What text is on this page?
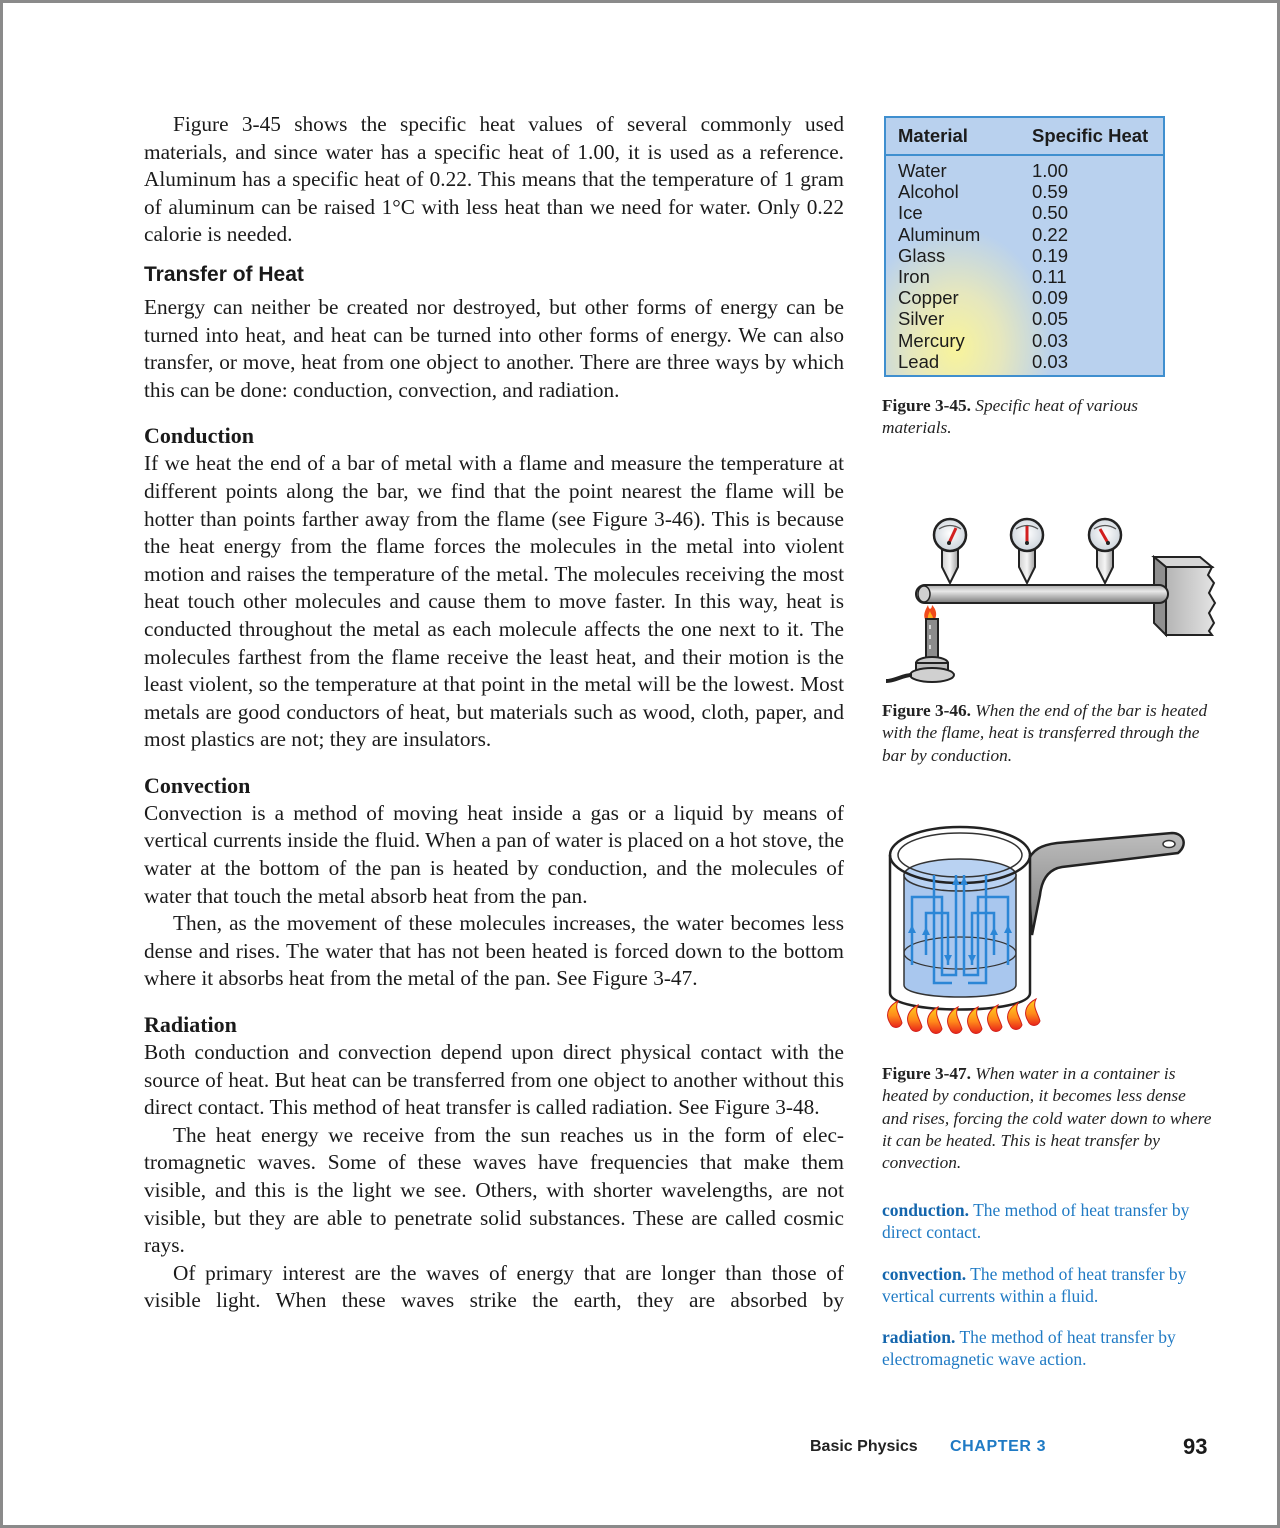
Figure 3-45 shows the specific heat values of several commonly used materials, and since water has a specific heat of 1.00, it is used as a reference. Aluminum has a specific heat of 0.22. This means that the temperature of 1 gram of aluminum can be raised 1°C with less heat than we need for water. Only 0.22 calorie is needed.

Transfer of Heat

Energy can neither be created nor destroyed, but other forms of energy can be turned into heat, and heat can be turned into other forms of energy. We can also transfer, or move, heat from one object to another. There are three ways by which this can be done: conduction, convection, and radiation.

Conduction

If we heat the end of a bar of metal with a flame and measure the temperature at different points along the bar, we find that the point nearest the flame will be hotter than points farther away from the flame (see Figure 3-46). This is because the heat energy from the flame forces the molecules in the metal into violent motion and raises the temperature of the metal. The molecules receiving the most heat touch other molecules and cause them to move faster. In this way, heat is conducted throughout the metal as each molecule affects the one next to it. The molecules farthest from the flame receive the least heat, and their motion is the least violent, so the temperature at that point in the metal will be the lowest. Most metals are good conductors of heat, but materials such as wood, cloth, paper, and most plastics are not; they are insulators.

Convection

Convection is a method of moving heat inside a gas or a liquid by means of vertical currents inside the fluid. When a pan of water is placed on a hot stove, the water at the bottom of the pan is heated by conduction, and the molecules of water that touch the metal absorb heat from the pan.

Then, as the movement of these molecules increases, the water becomes less dense and rises. The water that has not been heated is forced down to the bottom where it absorbs heat from the metal of the pan. See Figure 3-47.

Radiation

Both conduction and convection depend upon direct physical contact with the source of heat. But heat can be transferred from one object to another without this direct contact. This method of heat transfer is called radiation. See Figure 3-48.

The heat energy we receive from the sun reaches us in the form of electromagnetic waves. Some of these waves have frequencies that make them visible, and this is the light we see. Others, with shorter wavelengths, are not visible, but they are able to penetrate solid substances. These are called cosmic rays.

Of primary interest are the waves of energy that are longer than those of visible light. When these waves strike the earth, they are absorbed by

Material	Specific Heat
Water	1.00
Alcohol	0.59
Ice	0.50
Aluminum	0.22
Glass	0.19
Iron	0.11
Copper	0.09
Silver	0.05
Mercury	0.03
Lead	0.03
Figure 3-45. Specific heat of various materials.
Figure 3-46. When the end of the bar is heated with the flame, heat is transferred through the bar by conduction.
Figure 3-47. When water in a container is heated by conduction, it becomes less dense and rises, forcing the cold water down to where it can be heated. This is heat transfer by convection.
conduction. The method of heat transfer by direct contact.
convection. The method of heat transfer by vertical currents within a fluid.
radiation. The method of heat transfer by electromagnetic wave action.
Basic Physics CHAPTER 3	93
